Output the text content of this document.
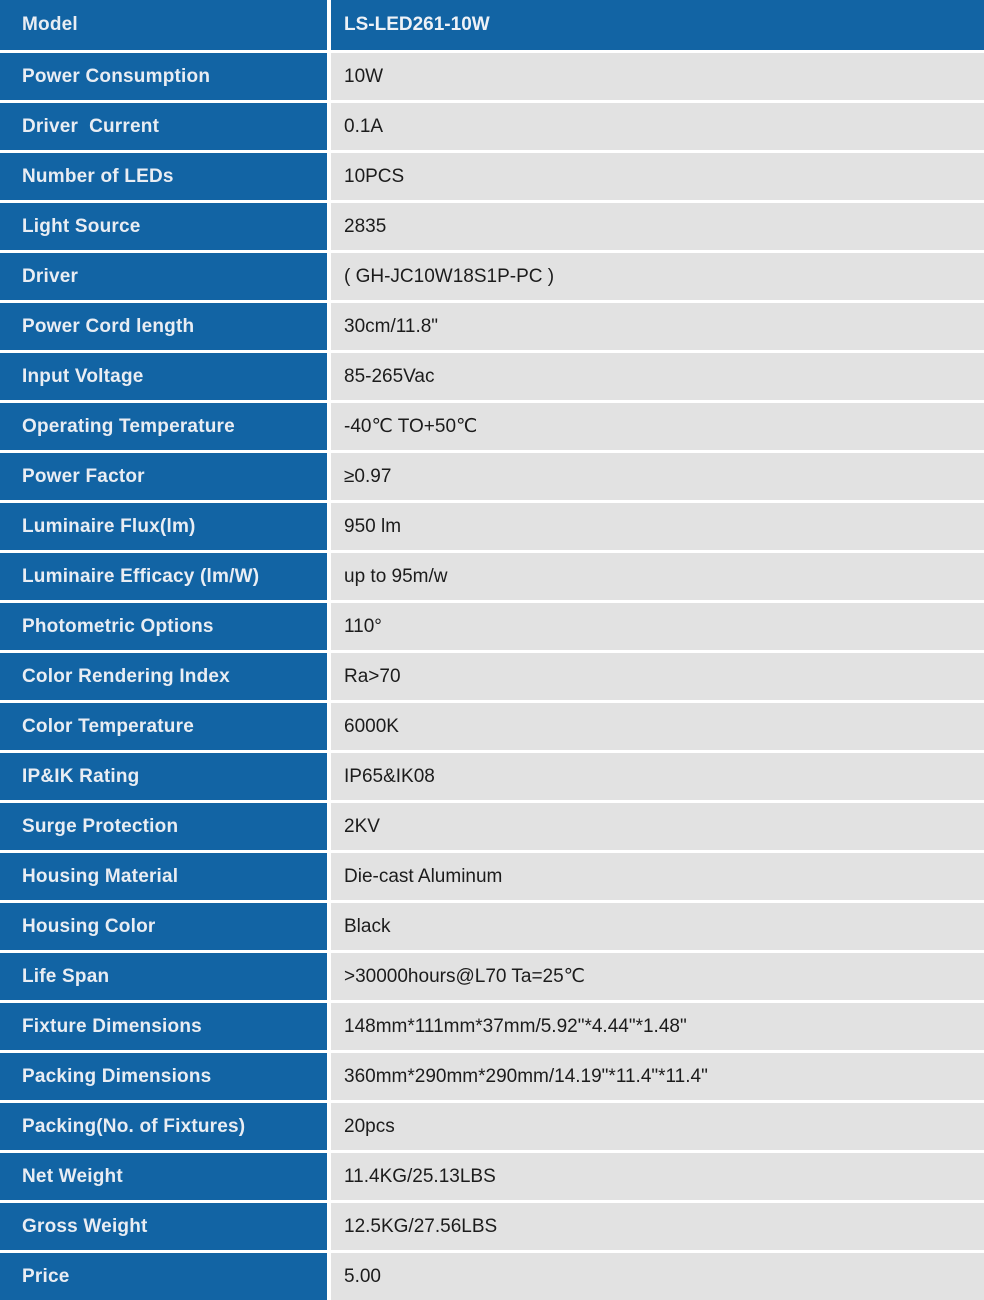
Model	LS-LED261-10W
Power Consumption	10W
Driver  Current	0.1A
Number of LEDs	10PCS
Light Source	2835
Driver	( GH-JC10W18S1P-PC )
Power Cord length	30cm/11.8"
Input Voltage	85-265Vac
Operating Temperature	-40℃ TO+50℃
Power Factor	≥0.97
Luminaire Flux(lm)	950 lm
Luminaire Efficacy (lm/W)	up to 95m/w
Photometric Options	110°
Color Rendering Index	Ra>70
Color Temperature	6000K
IP&IK Rating	IP65&IK08
Surge Protection	2KV
Housing Material	Die-cast Aluminum
Housing Color	Black
Life Span	>30000hours@L70 Ta=25℃
Fixture Dimensions	148mm*111mm*37mm/5.92"*4.44"*1.48"
Packing Dimensions	360mm*290mm*290mm/14.19"*11.4"*11.4"
Packing(No. of Fixtures)	20pcs
Net Weight	11.4KG/25.13LBS
Gross Weight	12.5KG/27.56LBS
Price	5.00
